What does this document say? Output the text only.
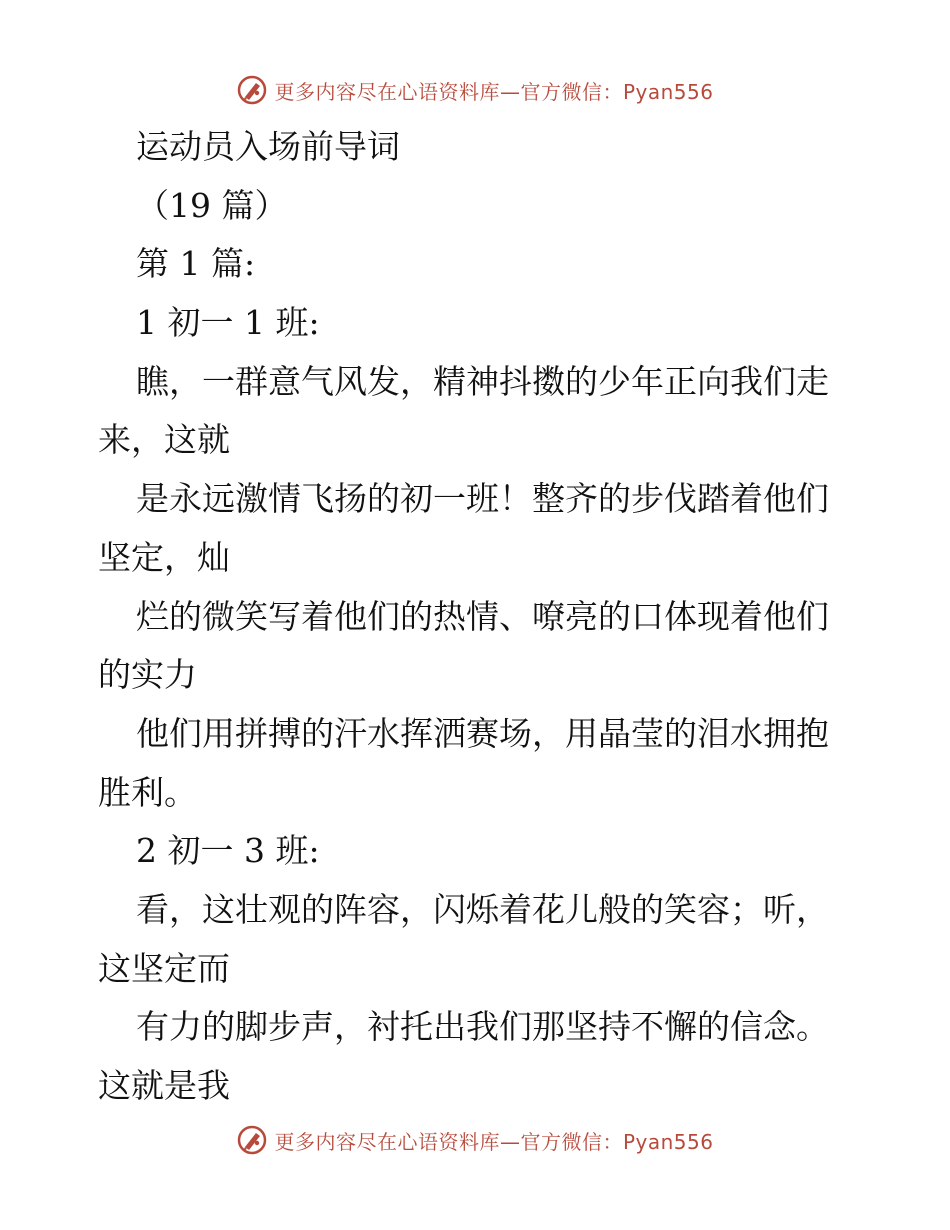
更多内容尽在心语资料库—官方微信：Pyan556
运动员入场前导词
（19 篇）
第 1 篇:
1 初一 1 班:
瞧，一群意气风发，精神抖擞的少年正向我们走
来，这就
是永远激情飞扬的初一班！整齐的步伐踏着他们
坚定，灿
烂的微笑写着他们的热情、嘹亮的口体现着他们
的实力
他们用拼搏的汗水挥洒赛场，用晶莹的泪水拥抱
胜利。
2 初一 3 班:
看，这壮观的阵容，闪烁着花儿般的笑容；听，
这坚定而
有力的脚步声，衬托出我们那坚持不懈的信念。
这就是我
更多内容尽在心语资料库—官方微信：Pyan556
